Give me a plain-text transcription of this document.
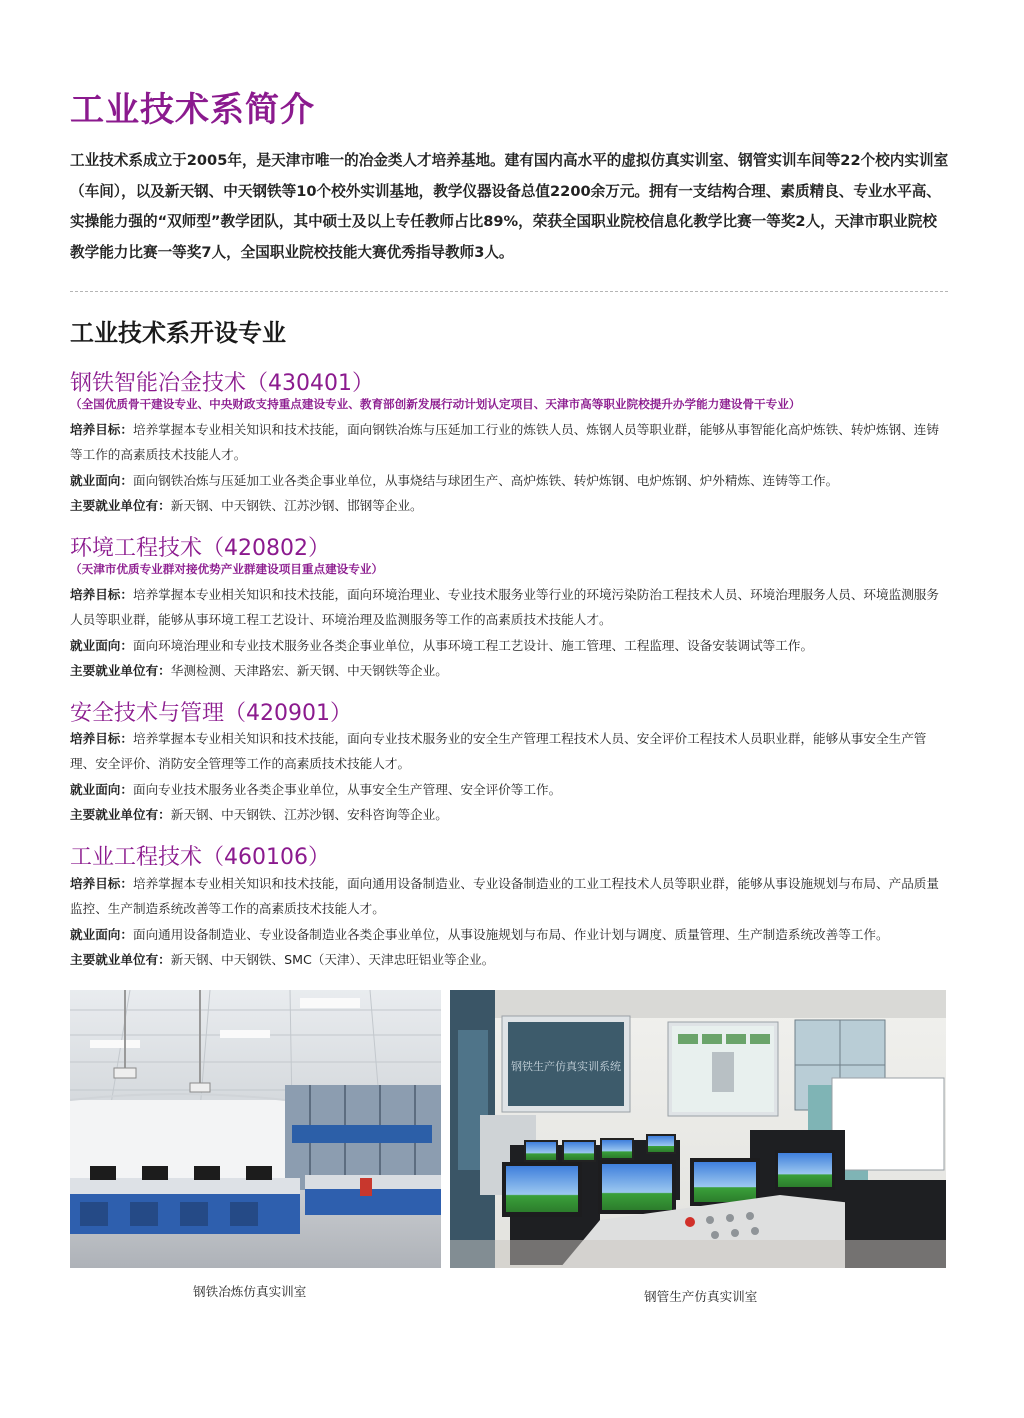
工业技术系简介

工业技术系成立于2005年，是天津市唯一的冶金类人才培养基地。建有国内高水平的虚拟仿真实训室、钢管实训车间等22个校内实训室（车间），以及新天钢、中天钢铁等10个校外实训基地，教学仪器设备总值2200余万元。拥有一支结构合理、素质精良、专业水平高、实操能力强的“双师型”教学团队，其中硕士及以上专任教师占比89%，荣获全国职业院校信息化教学比赛一等奖2人，天津市职业院校教学能力比赛一等奖7人，全国职业院校技能大赛优秀指导教师3人。

工业技术系开设专业
钢铁智能冶金技术（430401）

（全国优质骨干建设专业、中央财政支持重点建设专业、教育部创新发展行动计划认定项目、天津市高等职业院校提升办学能力建设骨干专业）

培养目标：培养掌握本专业相关知识和技术技能，面向钢铁冶炼与压延加工行业的炼铁人员、炼钢人员等职业群，能够从事智能化高炉炼铁、转炉炼钢、连铸等工作的高素质技术技能人才。

就业面向：面向钢铁冶炼与压延加工业各类企事业单位，从事烧结与球团生产、高炉炼铁、转炉炼钢、电炉炼钢、炉外精炼、连铸等工作。

主要就业单位有：新天钢、中天钢铁、江苏沙钢、邯钢等企业。

环境工程技术（420802）

（天津市优质专业群对接优势产业群建设项目重点建设专业）

培养目标：培养掌握本专业相关知识和技术技能，面向环境治理业、专业技术服务业等行业的环境污染防治工程技术人员、环境治理服务人员、环境监测服务人员等职业群，能够从事环境工程工艺设计、环境治理及监测服务等工作的高素质技术技能人才。

就业面向：面向环境治理业和专业技术服务业各类企事业单位，从事环境工程工艺设计、施工管理、工程监理、设备安装调试等工作。

主要就业单位有：华测检测、天津路宏、新天钢、中天钢铁等企业。

安全技术与管理（420901）

培养目标：培养掌握本专业相关知识和技术技能，面向专业技术服务业的安全生产管理工程技术人员、安全评价工程技术人员职业群，能够从事安全生产管理、安全评价、消防安全管理等工作的高素质技术技能人才。

就业面向：面向专业技术服务业各类企事业单位，从事安全生产管理、安全评价等工作。

主要就业单位有：新天钢、中天钢铁、江苏沙钢、安科咨询等企业。

工业工程技术（460106）

培养目标：培养掌握本专业相关知识和技术技能，面向通用设备制造业、专业设备制造业的工业工程技术人员等职业群，能够从事设施规划与布局、产品质量监控、生产制造系统改善等工作的高素质技术技能人才。

就业面向：面向通用设备制造业、专业设备制造业各类企事业单位，从事设施规划与布局、作业计划与调度、质量管理、生产制造系统改善等工作。

主要就业单位有：新天钢、中天钢铁、SMC（天津）、天津忠旺铝业等企业。

钢铁冶炼仿真实训室

钢铁生产仿真实训系统

钢管生产仿真实训室
